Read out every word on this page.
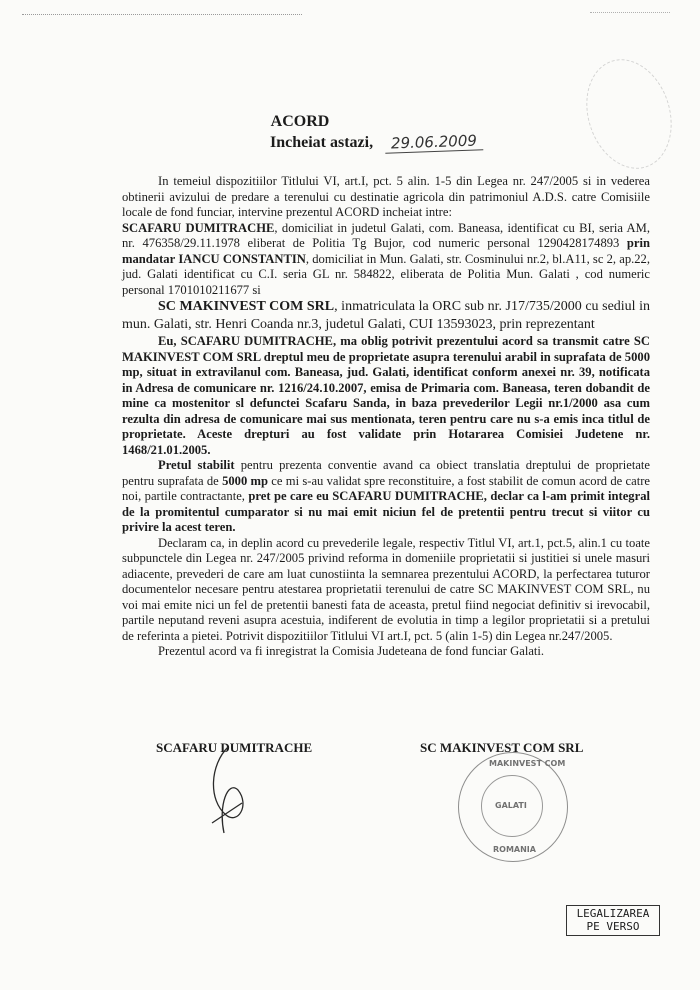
ACORD
Incheiat astazi, 29.06.2009

In temeiul dispozitiilor Titlului VI, art.I, pct. 5 alin. 1-5 din Legea nr. 247/2005 si in vederea obtinerii avizului de predare a terenului cu destinatie agricola din patrimoniul A.D.S. catre Comisiile locale de fond funciar, intervine prezentul ACORD incheiat intre:

SCAFARU DUMITRACHE, domiciliat in judetul Galati, com. Baneasa, identificat cu BI, seria AM, nr. 476358/29.11.1978 eliberat de Politia Tg Bujor, cod numeric personal 1290428174893 prin mandatar IANCU CONSTANTIN, domiciliat in Mun. Galati, str. Cosminului nr.2, bl.A11, sc 2, ap.22, jud. Galati identificat cu C.I. seria GL nr. 584822, eliberata de Politia Mun. Galati , cod numeric personal 1701010211677 si

SC MAKINVEST COM SRL, inmatriculata la ORC sub nr. J17/735/2000 cu sediul in mun. Galati, str. Henri Coanda nr.3, judetul Galati, CUI 13593023, prin reprezentant

Eu, SCAFARU DUMITRACHE, ma oblig potrivit prezentului acord sa transmit catre SC MAKINVEST COM SRL dreptul meu de proprietate asupra terenului arabil in suprafata de 5000 mp, situat in extravilanul com. Baneasa, jud. Galati, identificat conform anexei nr. 39, notificata in Adresa de comunicare nr. 1216/24.10.2007, emisa de Primaria com. Baneasa, teren dobandit de mine ca mostenitor sl defunctei Scafaru Sanda, in baza prevederilor Legii nr.1/2000 asa cum rezulta din adresa de comunicare mai sus mentionata, teren pentru care nu s-a emis inca titlul de proprietate. Aceste drepturi au fost validate prin Hotararea Comisiei Judetene nr. 1468/21.01.2005.

Pretul stabilit pentru prezenta conventie avand ca obiect translatia dreptului de proprietate pentru suprafata de 5000 mp ce mi s-au validat spre reconstituire, a fost stabilit de comun acord de catre noi, partile contractante, pret pe care eu SCAFARU DUMITRACHE, declar ca l-am primit integral de la promitentul cumparator si nu mai emit niciun fel de pretentii pentru trecut si viitor cu privire la acest teren.

Declaram ca, in deplin acord cu prevederile legale, respectiv Titlul VI, art.1, pct.5, alin.1 cu toate subpunctele din Legea nr. 247/2005 privind reforma in domeniile proprietatii si justitiei si unele masuri adiacente, prevederi de care am luat cunostiinta la semnarea prezentului ACORD, la perfectarea tuturor documentelor necesare pentru atestarea proprietatii terenului de catre SC MAKINVEST COM SRL, nu voi mai emite nici un fel de pretentii banesti fata de aceasta, pretul fiind negociat definitiv si irevocabil, partile neputand reveni asupra acestuia, indiferent de evolutia in timp a legilor proprietatii si a pretului de referinta a pietei. Potrivit dispozitiilor Titlului VI art.I, pct. 5 (alin 1-5) din Legea nr.247/2005.

Prezentul acord va fi inregistrat la Comisia Judeteana de fond funciar Galati.

SCAFARU DUMITRACHE	SC MAKINVEST COM SRL
MAKINVEST COM
GALATI
ROMANIA
LEGALIZAREA
PE VERSO
